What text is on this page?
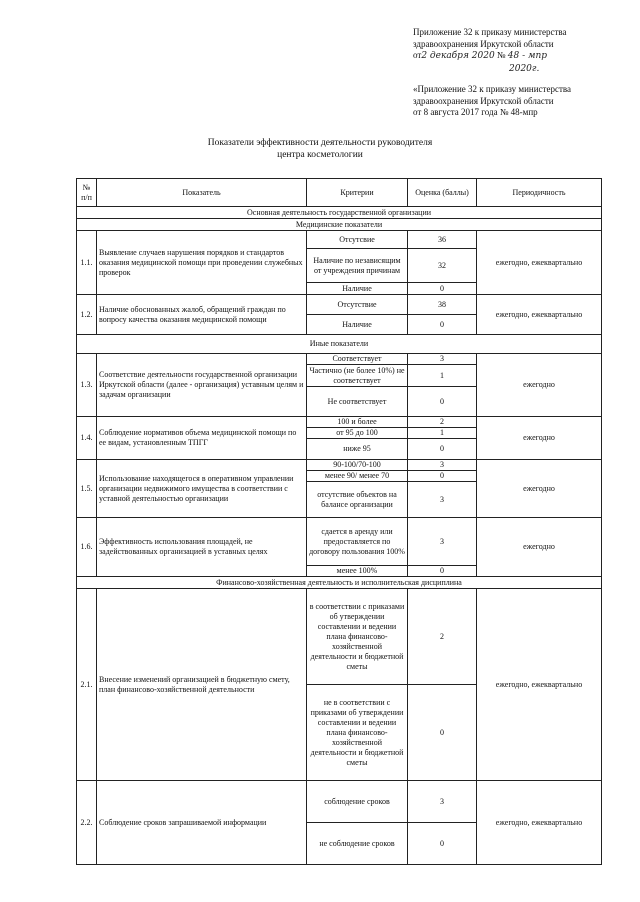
Приложение 32 к приказу министерства
здравоохранения Иркутской области
от2 декабря 2020 № 48 - мпр
2020г.
«Приложение 32 к приказу министерства
здравоохранения Иркутской области
от 8 августа 2017 года № 48-мпр
Показатели эффективности деятельности руководителя
центра косметологии
№
п/п	Показатель	Критерии	Оценка (баллы)	Периодичность
Основная деятельность государственной организации				
Медицинские показатели				
1.1.	Выявление случаев нарушения порядков и стандартов оказания медицинской помощи при проведении служебных проверок	Отсутсвие	36	ежегодно, ежеквартально
		Наличие по независящим от учреждения причинам	32	
		Наличие	0	
1.2.	Наличие обоснованных жалоб, обращений граждан по вопросу качества оказания медицинской помощи	Отсутствие	38	ежегодно, ежеквартально
		Наличие	0	
Иные показатели				
1.3.	Соответствие деятельности государственной организации Иркутской области (далее - организация) уставным целям и задачам организации	Соответствует	3	ежегодно
		Частично (не более 10%) не соответствует	1	
		Не соответствует	0	
1.4.	Соблюдение нормативов объема медицинской помощи по ее видам, установленным ТПГГ	100 и более	2	ежегодно
		от 95 до 100	1	
		ниже 95	0	
1.5.	Использование находящегося в оперативном управлении организации недвижимого имущества в соответствии с уставной деятельностью организации	90-100/70-100	3	ежегодно
		менее 90/ менее 70	0	
		отсутствие объектов на балансе организации	3	
1.6.	Эффективность использования площадей, не задействованных организацией в уставных целях	сдается в аренду или предоставляется по договору пользования 100%	3	ежегодно
		менее 100%	0	
Финансово-хозяйственная деятельность и исполнительская дисциплина				
2.1.	Внесение изменений организацией в бюджетную смету, план финансово-хозяйственной деятельности	в соответствии с приказами об утверждении составлении и ведении плана финансово-хозяйственной деятельности и бюджетной сметы	2	ежегодно, ежеквартально
		не в соответствии с приказами об утверждении составлении и ведении плана финансово-хозяйственной деятельности и бюджетной сметы	0	
2.2.	Соблюдение сроков запрашиваемой информации	соблюдение сроков	3	ежегодно, ежеквартально
		не соблюдение сроков	0	
